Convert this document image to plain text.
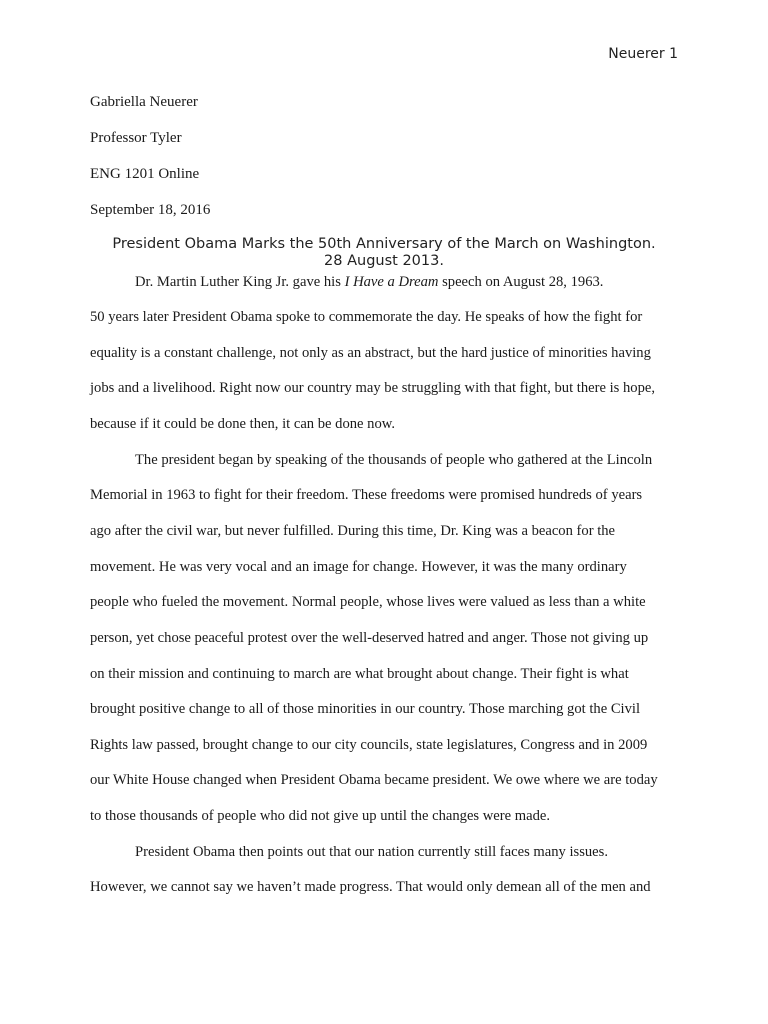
Neuerer 1
Gabriella Neuerer
Professor Tyler
ENG 1201 Online
September 18, 2016
President Obama Marks the 50th Anniversary of the March on Washington.
28 August 2013.
Dr. Martin Luther King Jr. gave his I Have a Dream speech on August 28, 1963.
50 years later President Obama spoke to commemorate the day. He speaks of how the fight for
equality is a constant challenge, not only as an abstract, but the hard justice of minorities having
jobs and a livelihood. Right now our country may be struggling with that fight, but there is hope,
because if it could be done then, it can be done now.
The president began by speaking of the thousands of people who gathered at the Lincoln
Memorial in 1963 to fight for their freedom. These freedoms were promised hundreds of years
ago after the civil war, but never fulfilled. During this time, Dr. King was a beacon for the
movement. He was very vocal and an image for change. However, it was the many ordinary
people who fueled the movement. Normal people, whose lives were valued as less than a white
person, yet chose peaceful protest over the well-deserved hatred and anger. Those not giving up
on their mission and continuing to march are what brought about change. Their fight is what
brought positive change to all of those minorities in our country. Those marching got the Civil
Rights law passed, brought change to our city councils, state legislatures, Congress and in 2009
our White House changed when President Obama became president. We owe where we are today
to those thousands of people who did not give up until the changes were made.
President Obama then points out that our nation currently still faces many issues.
However, we cannot say we haven’t made progress. That would only demean all of the men and
